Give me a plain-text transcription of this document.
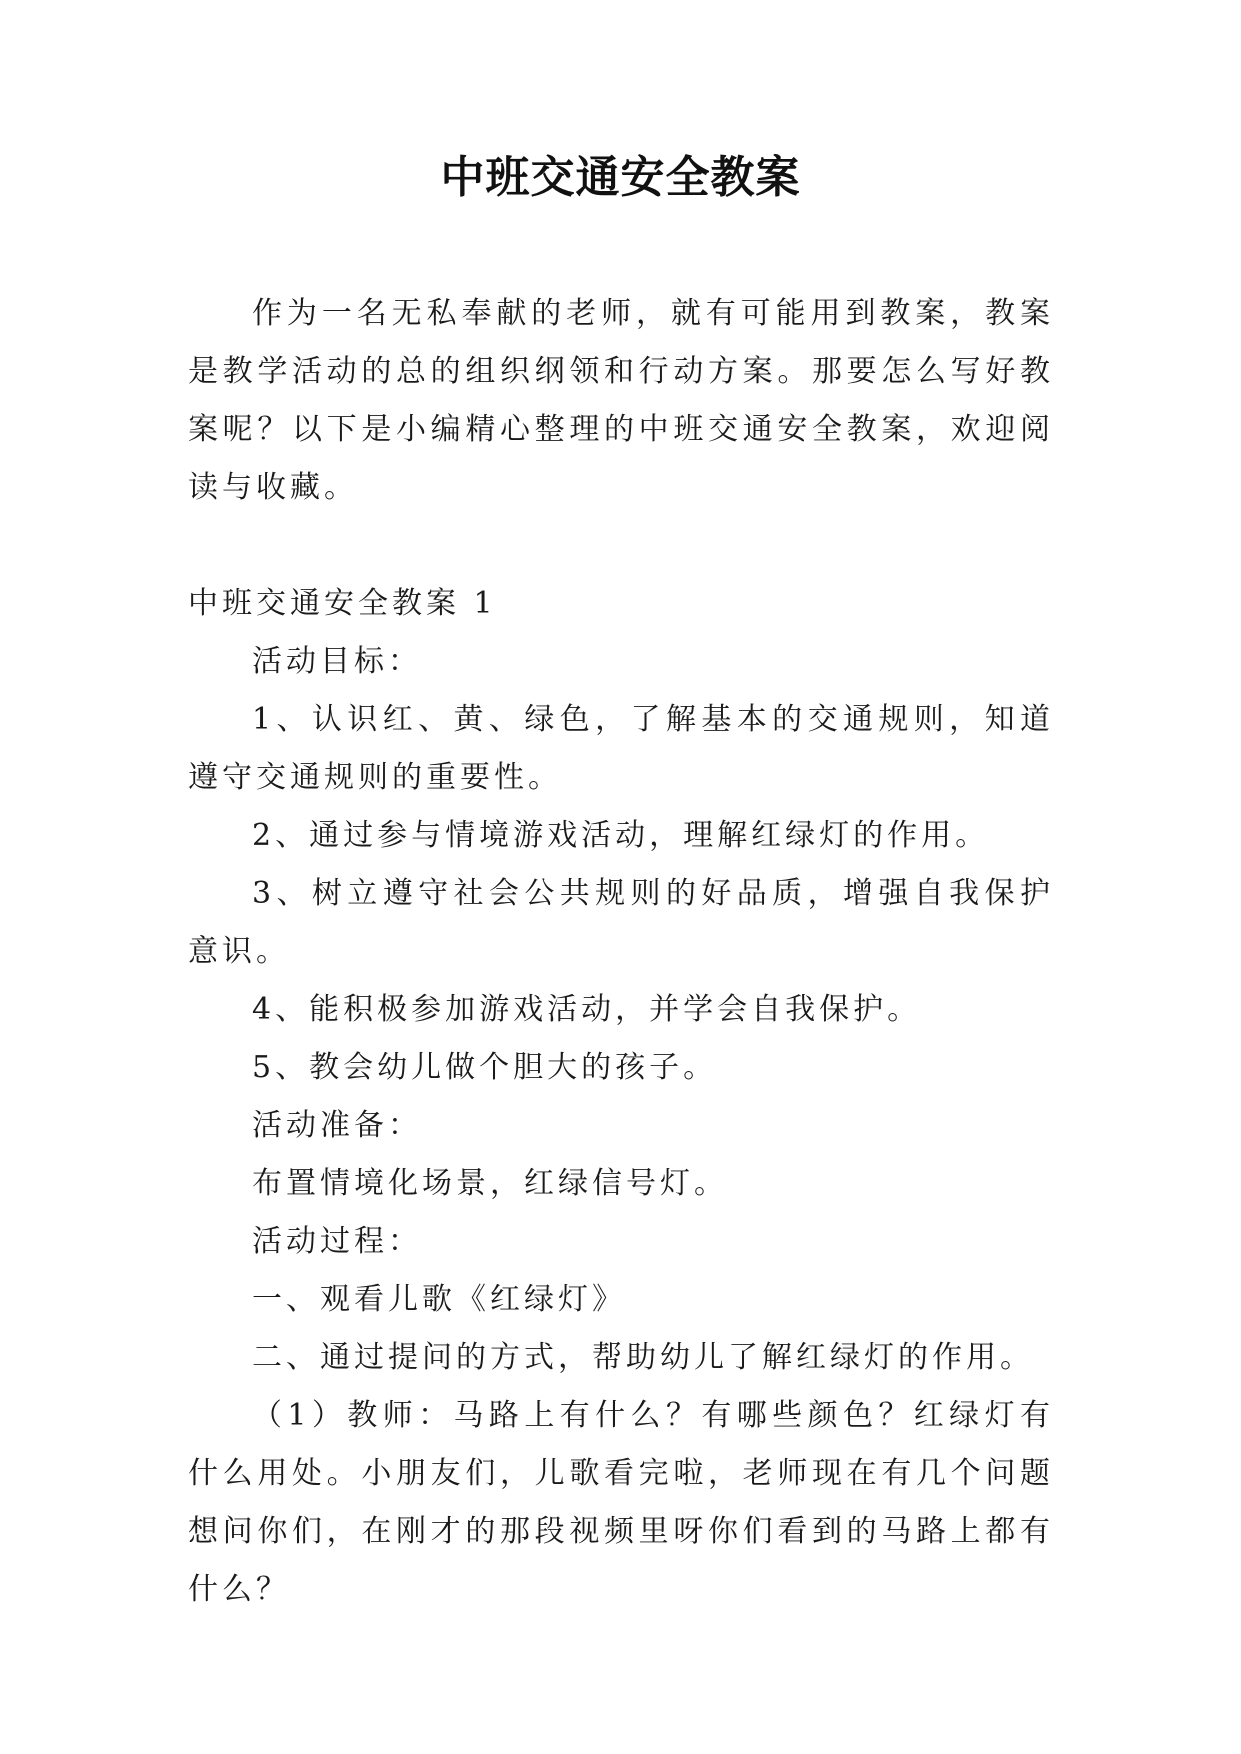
中班交通安全教案

作为一名无私奉献的老师，就有可能用到教案，教案是教学活动的总的组织纲领和行动方案。那要怎么写好教案呢？以下是小编精心整理的中班交通安全教案，欢迎阅读与收藏。

中班交通安全教案 1

活动目标：

1、认识红、黄、绿色，了解基本的交通规则，知道遵守交通规则的重要性。

2、通过参与情境游戏活动，理解红绿灯的作用。

3、树立遵守社会公共规则的好品质，增强自我保护意识。

4、能积极参加游戏活动，并学会自我保护。

5、教会幼儿做个胆大的孩子。

活动准备：

布置情境化场景，红绿信号灯。

活动过程：

一、观看儿歌《红绿灯》

二、通过提问的方式，帮助幼儿了解红绿灯的作用。

（1）教师：马路上有什么？有哪些颜色？红绿灯有什么用处。小朋友们，儿歌看完啦，老师现在有几个问题想问你们，在刚才的那段视频里呀你们看到的马路上都有什么？
